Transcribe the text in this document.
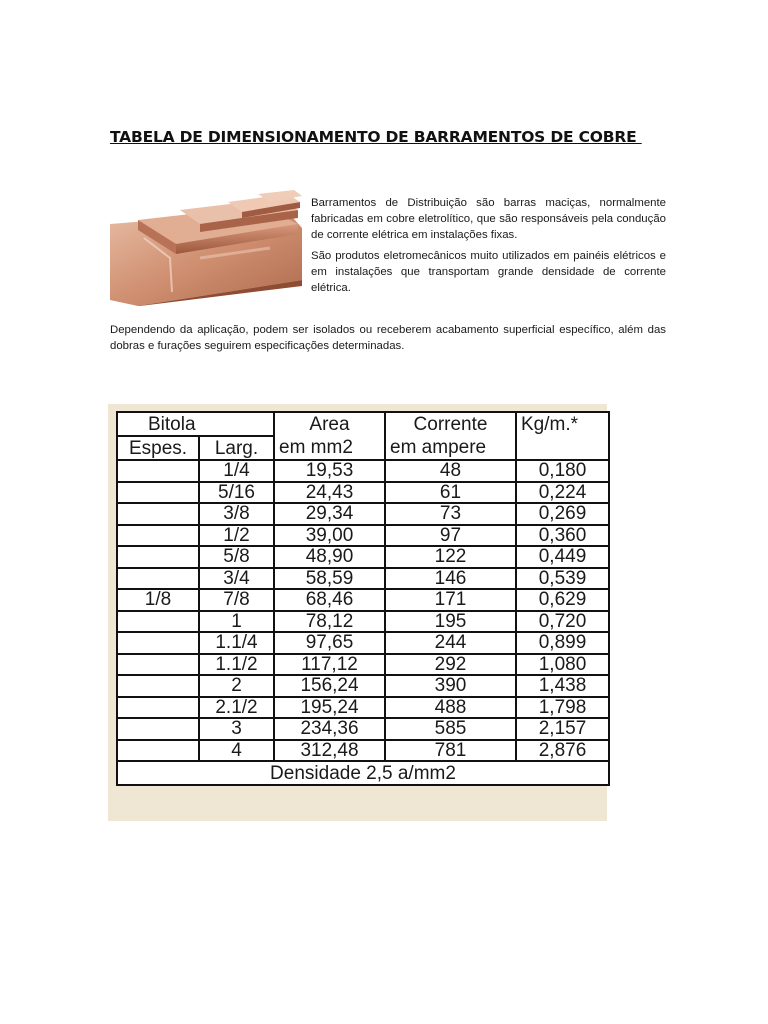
TABELA DE DIMENSIONAMENTO DE BARRAMENTOS DE COBRE

Barramentos de Distribuição são barras maciças, normalmente fabricadas em cobre eletrolítico, que são responsáveis pela condução de corrente elétrica em instalações fixas.

São produtos eletromecânicos muito utilizados em painéis elétricos e em instalações que transportam grande densidade de corrente elétrica.

Dependendo da aplicação, podem ser isolados ou receberem acabamento superficial específico, além das dobras e furações seguirem especificações determinadas.

Bitola		Area	Corrente	Kg/m.*
Espes.	Larg.	em mm2	em ampere	
	1/4	19,53	48	0,180
	5/16	24,43	61	0,224
	3/8	29,34	73	0,269
	1/2	39,00	97	0,360
	5/8	48,90	122	0,449
	3/4	58,59	146	0,539
1/8	7/8	68,46	171	0,629
	1	78,12	195	0,720
	1.1/4	97,65	244	0,899
	1.1/2	117,12	292	1,080
	2	156,24	390	1,438
	2.1/2	195,24	488	1,798
	3	234,36	585	2,157
	4	312,48	781	2,876
Densidade 2,5 a/mm2				
